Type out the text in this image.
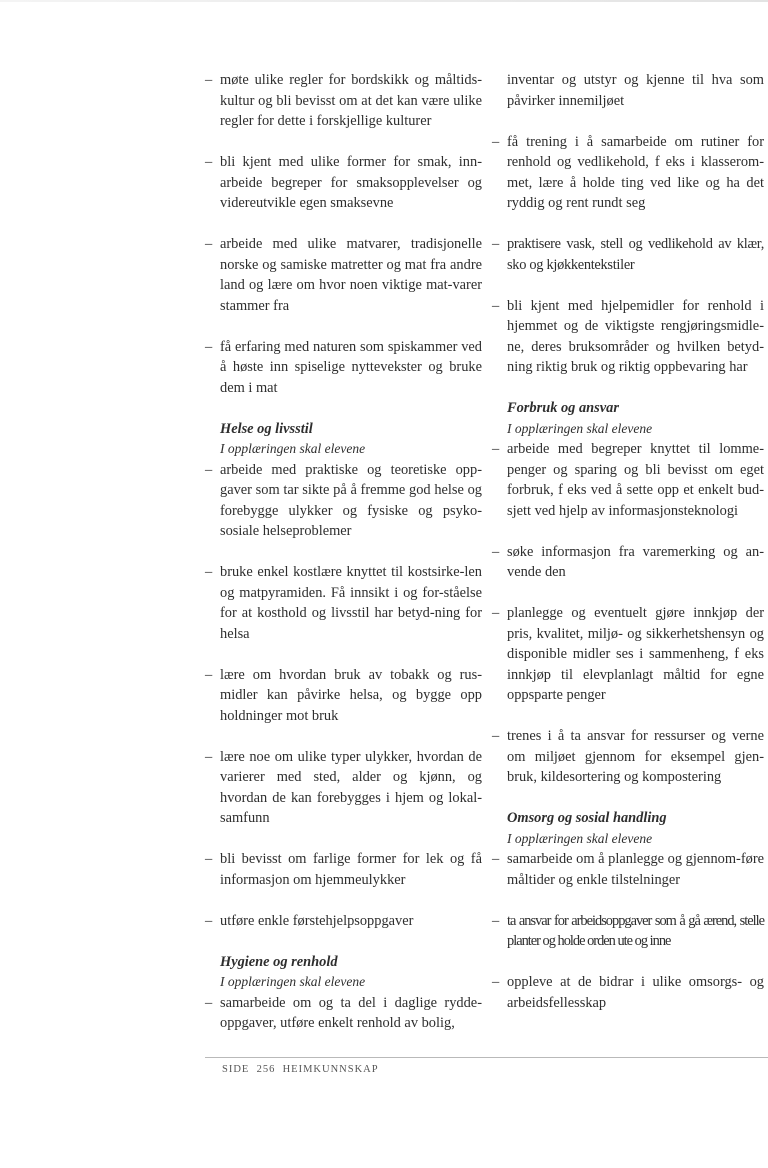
– møte ulike regler for bordskikk og måltids-kultur og bli bevisst om at det kan være ulike regler for dette i forskjellige kulturer
– bli kjent med ulike former for smak, inn-arbeide begreper for smaksopplevelser og videreutvikle egen smaksevne
– arbeide med ulike matvarer, tradisjonelle norske og samiske matretter og mat fra andre land og lære om hvor noen viktige mat-varer stammer fra
– få erfaring med naturen som spiskammer ved å høste inn spiselige nyttevekster og bruke dem i mat

Helse og livsstil

I opplæringen skal elevene

– arbeide med praktiske og teoretiske opp-gaver som tar sikte på å fremme god helse og forebygge ulykker og fysiske og psyko-sosiale helseproblemer
– bruke enkel kostlære knyttet til kostsirke-len og matpyramiden. Få innsikt i og for-ståelse for at kosthold og livsstil har betyd-ning for helsa
– lære om hvordan bruk av tobakk og rus-midler kan påvirke helsa, og bygge opp holdninger mot bruk
– lære noe om ulike typer ulykker, hvordan de varierer med sted, alder og kjønn, og hvordan de kan forebygges i hjem og lokal-samfunn
– bli bevisst om farlige former for lek og få informasjon om hjemmeulykker
– utføre enkle førstehjelpsoppgaver

Hygiene og renhold

I opplæringen skal elevene

– samarbeide om og ta del i daglige rydde-oppgaver, utføre enkelt renhold av bolig,
inventar og utstyr og kjenne til hva som påvirker innemiljøet
– få trening i å samarbeide om rutiner for renhold og vedlikehold, f eks i klasserom-met, lære å holde ting ved like og ha det ryddig og rent rundt seg
– praktisere vask, stell og vedlikehold av klær, sko og kjøkkentekstiler
– bli kjent med hjelpemidler for renhold i hjemmet og de viktigste rengjøringsmidle-ne, deres bruksområder og hvilken betyd-ning riktig bruk og riktig oppbevaring har

Forbruk og ansvar

I opplæringen skal elevene

– arbeide med begreper knyttet til lomme-penger og sparing og bli bevisst om eget forbruk, f eks ved å sette opp et enkelt bud-sjett ved hjelp av informasjonsteknologi
– søke informasjon fra varemerking og an-vende den
– planlegge og eventuelt gjøre innkjøp der pris, kvalitet, miljø- og sikkerhetshensyn og disponible midler ses i sammenheng, f eks innkjøp til elevplanlagt måltid for egne oppsparte penger
– trenes i å ta ansvar for ressurser og verne om miljøet gjennom for eksempel gjen-bruk, kildesortering og kompostering

Omsorg og sosial handling

I opplæringen skal elevene

– samarbeide om å planlegge og gjennom-føre måltider og enkle tilstelninger
– ta ansvar for arbeidsoppgaver som å gå ærend, stelle planter og holde orden ute og inne
– oppleve at de bidrar i ulike omsorgs- og arbeidsfellesskap
SIDE  256  HEIMKUNNSKAP
